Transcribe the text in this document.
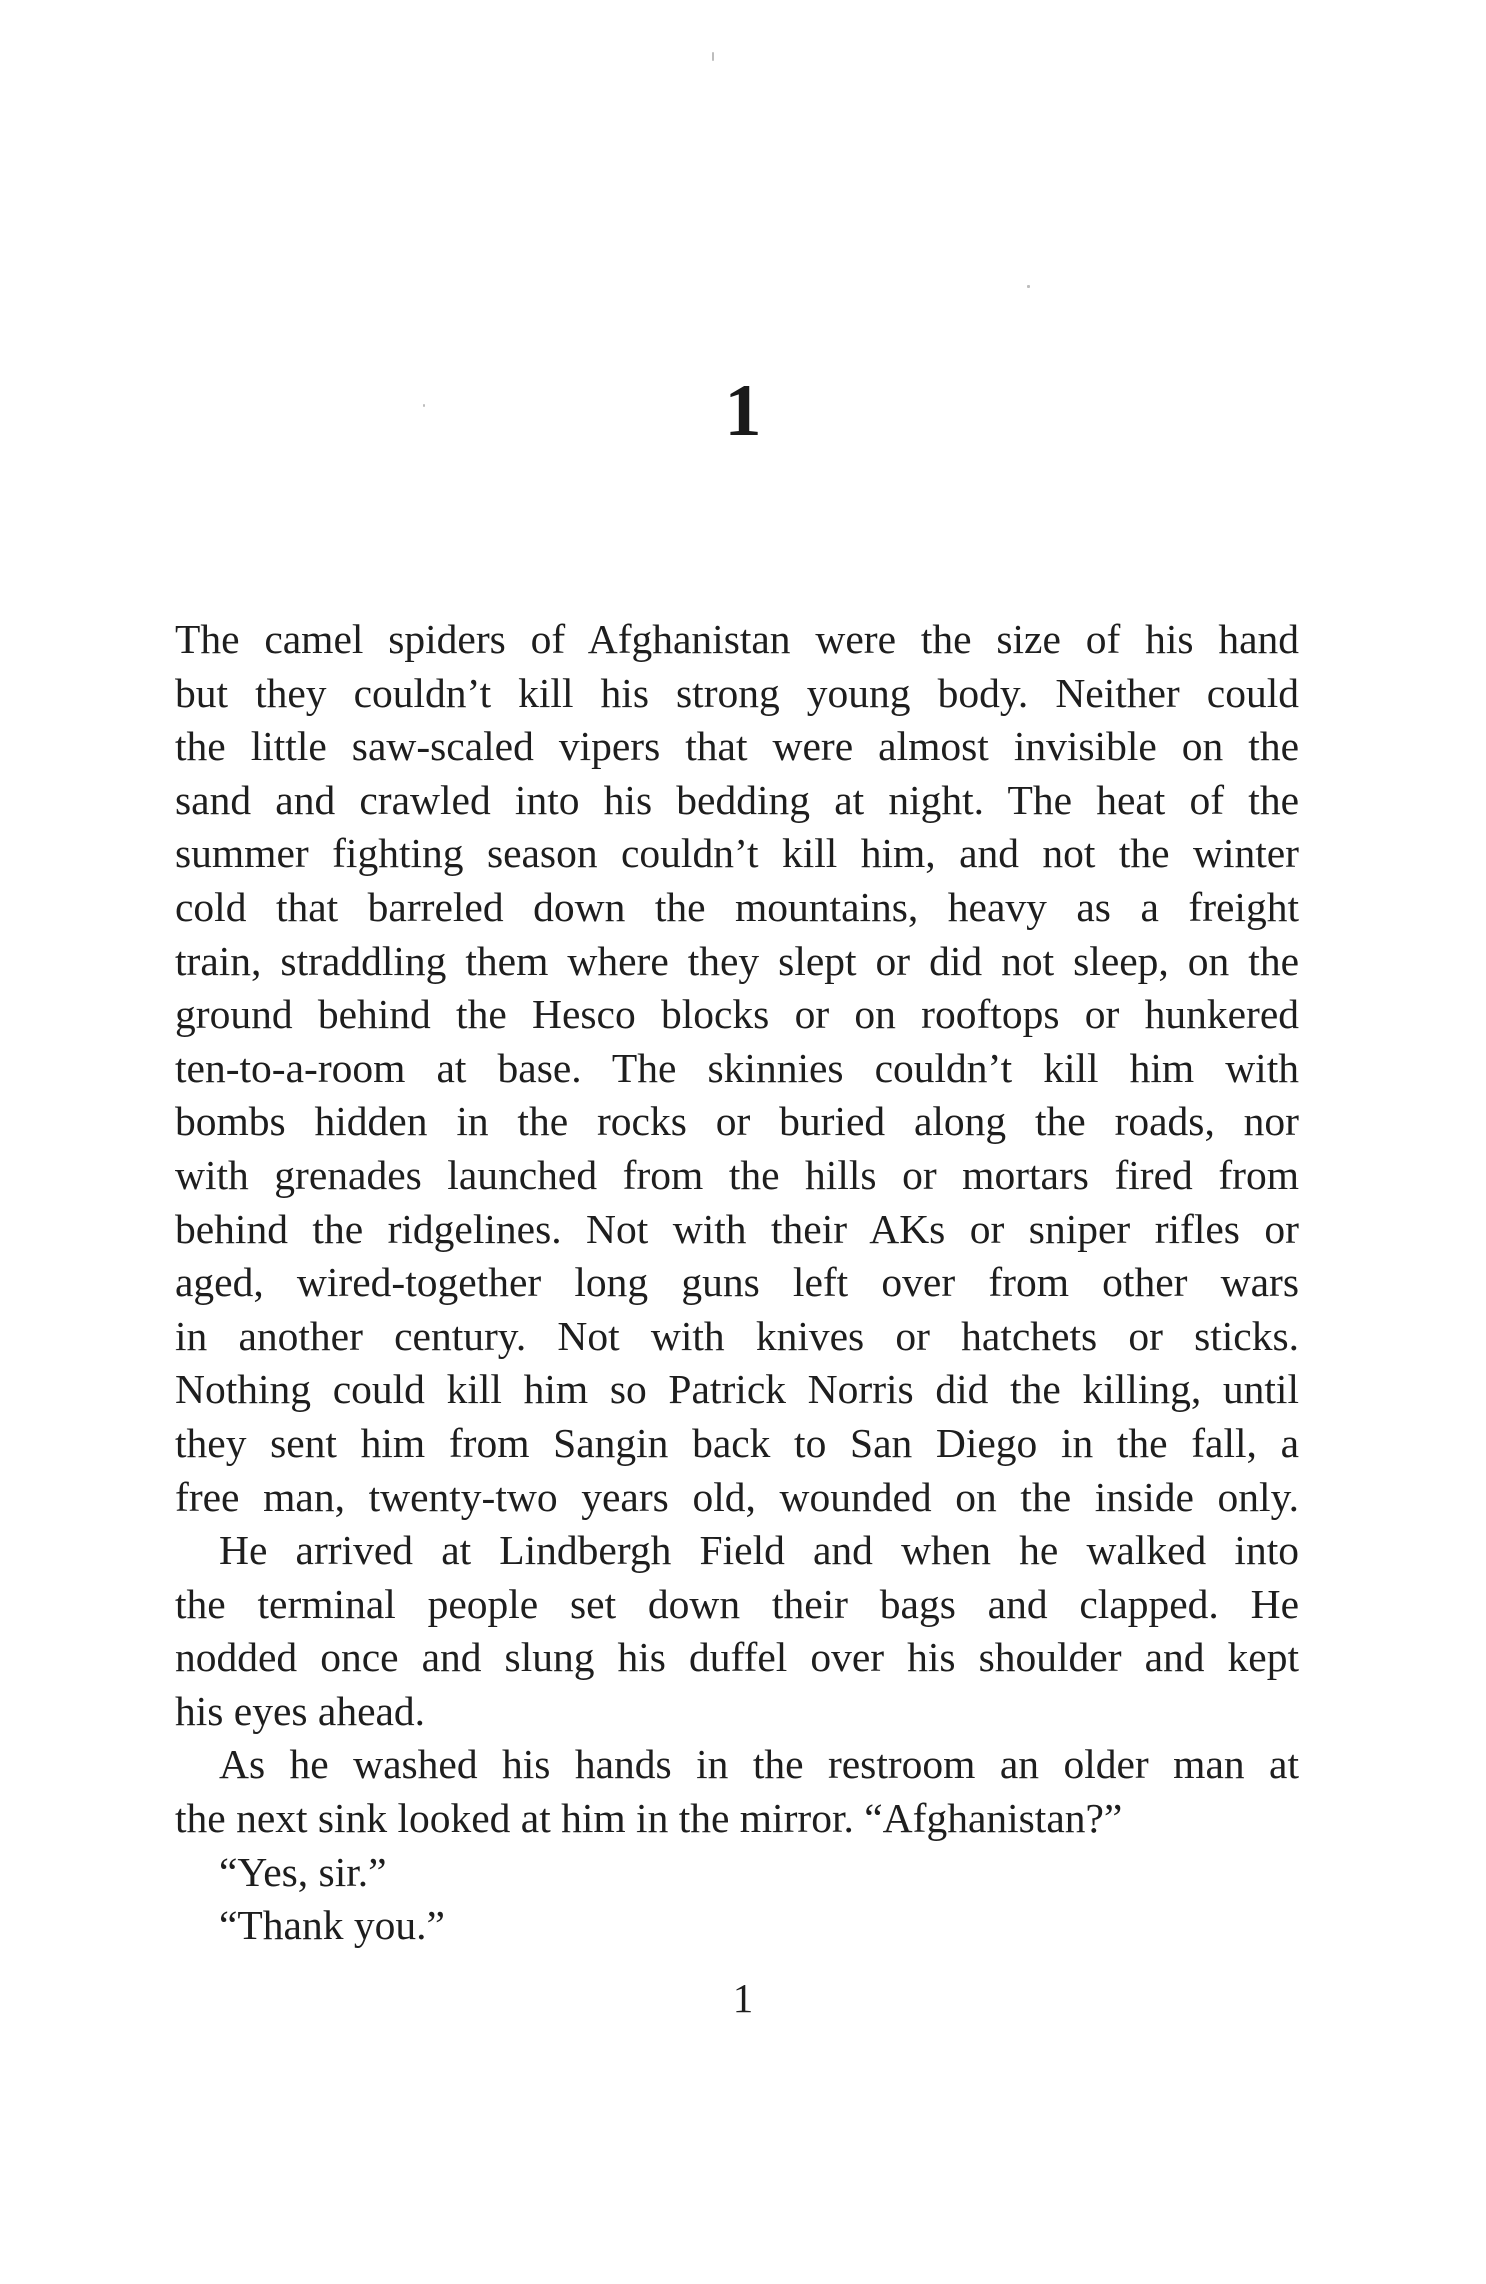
1
The camel spiders of Afghanistan were the size of his hand
but they couldn’t kill his strong young body. Neither could
the little saw-scaled vipers that were almost invisible on the
sand and crawled into his bedding at night. The heat of the
summer fighting season couldn’t kill him, and not the winter
cold that barreled down the mountains, heavy as a freight
train, straddling them where they slept or did not sleep, on the
ground behind the Hesco blocks or on rooftops or hunkered
ten-to-a-room at base. The skinnies couldn’t kill him with
bombs hidden in the rocks or buried along the roads, nor
with grenades launched from the hills or mortars fired from
behind the ridgelines. Not with their AKs or sniper rifles or
aged, wired-together long guns left over from other wars
in another century. Not with knives or hatchets or sticks.
Nothing could kill him so Patrick Norris did the killing, until
they sent him from Sangin back to San Diego in the fall, a
free man, twenty-two years old, wounded on the inside only.
He arrived at Lindbergh Field and when he walked into
the terminal people set down their bags and clapped. He
nodded once and slung his duffel over his shoulder and kept
his eyes ahead.
As he washed his hands in the restroom an older man at
the next sink looked at him in the mirror. “Afghanistan?”
“Yes, sir.”
“Thank you.”
1
